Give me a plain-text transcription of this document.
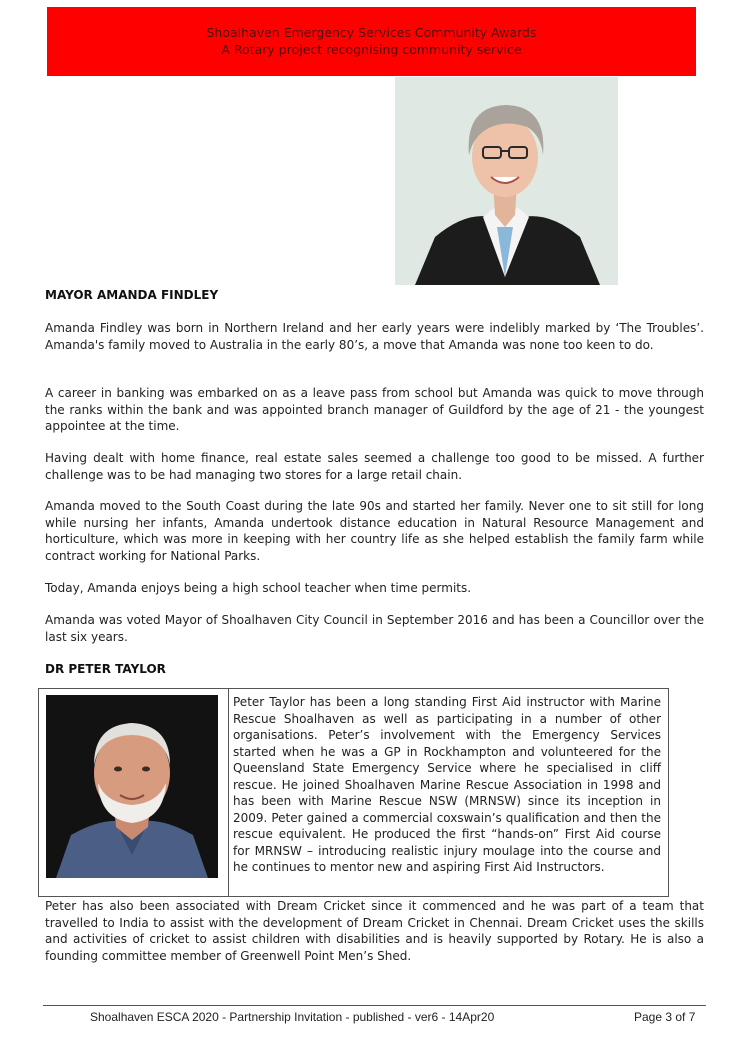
Shoalhaven Emergency Services Community Awards
A Rotary project recognising community service
MAYOR AMANDA FINDLEY

Amanda Findley was born in Northern Ireland and her early years were indelibly marked by ‘The Troubles’. Amanda's family moved to Australia in the early 80’s, a move that Amanda was none too keen to do.

A career in banking was embarked on as a leave pass from school but Amanda was quick to move through the ranks within the bank and was appointed branch manager of Guildford by the age of 21 - the youngest appointee at the time.

Having dealt with home finance, real estate sales seemed a challenge too good to be missed. A further challenge was to be had managing two stores for a large retail chain.

Amanda moved to the South Coast during the late 90s and started her family. Never one to sit still for long while nursing her infants, Amanda undertook distance education in Natural Resource Management and horticulture, which was more in keeping with her country life as she helped establish the family farm while contract working for National Parks.

Today, Amanda enjoys being a high school teacher when time permits.

Amanda was voted Mayor of Shoalhaven City Council in September 2016 and has been a Councillor over the last six years.

DR PETER TAYLOR

Peter Taylor has been a long standing First Aid instructor with Marine Rescue Shoalhaven as well as participating in a number of other organisations. Peter’s involvement with the Emergency Services started when he was a GP in Rockhampton and volunteered for the Queensland State Emergency Service where he specialised in cliff rescue. He joined Shoalhaven Marine Rescue Association in 1998 and has been with Marine Rescue NSW (MRNSW) since its inception in 2009. Peter gained a commercial coxswain’s qualification and then the rescue equivalent. He produced the first “hands-on” First Aid course for MRNSW – introducing realistic injury moulage into the course and he continues to mentor new and aspiring First Aid Instructors.

Peter has also been associated with Dream Cricket since it commenced and he was part of a team that travelled to India to assist with the development of Dream Cricket in Chennai. Dream Cricket uses the skills and activities of cricket to assist children with disabilities and is heavily supported by Rotary. He is also a founding committee member of Greenwell Point Men’s Shed.

Shoalhaven ESCA 2020 - Partnership Invitation - published - ver6 - 14Apr20	Page 3 of 7
